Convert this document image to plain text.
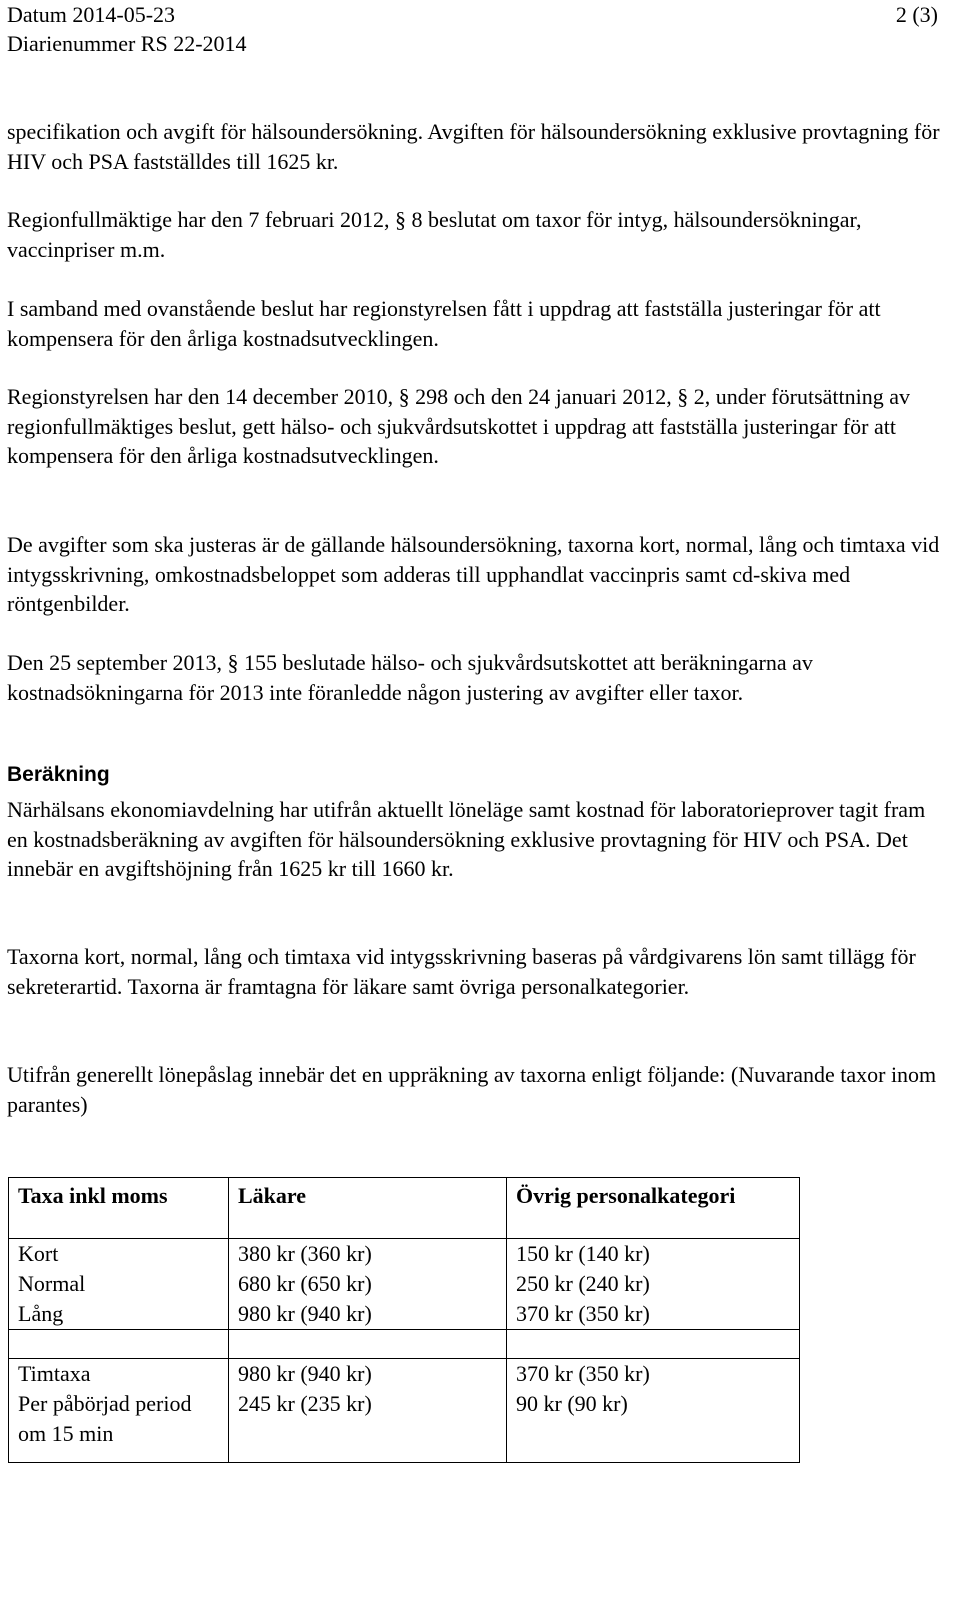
Datum 2014-05-23
Diarienummer RS 22-2014
2 (3)

specifikation och avgift för hälsoundersökning. Avgiften för hälsoundersökning exklusive provtagning för HIV och PSA fastställdes till 1625 kr.

Regionfullmäktige har den 7 februari 2012, § 8 beslutat om taxor för intyg, hälsoundersökningar, vaccinpriser m.m.

I samband med ovanstående beslut har regionstyrelsen fått i uppdrag att fastställa justeringar för att kompensera för den årliga kostnadsutvecklingen.

Regionstyrelsen har den 14 december 2010, § 298 och den 24 januari 2012, § 2, under förutsättning av regionfullmäktiges beslut, gett hälso- och sjukvårdsutskottet i uppdrag att fastställa justeringar för att kompensera för den årliga kostnadsutvecklingen.

De avgifter som ska justeras är de gällande hälsoundersökning, taxorna kort, normal, lång och timtaxa vid intygsskrivning, omkostnadsbeloppet som adderas till upphandlat vaccinpris samt cd-skiva med röntgenbilder.

Den 25 september 2013, § 155 beslutade hälso- och sjukvårdsutskottet att beräkningarna av kostnadsökningarna för 2013 inte föranledde någon justering av avgifter eller taxor.

Beräkning

Närhälsans ekonomiavdelning har utifrån aktuellt löneläge samt kostnad för laboratorieprover tagit fram en kostnadsberäkning av avgiften för hälsoundersökning exklusive provtagning för HIV och PSA. Det innebär en avgiftshöjning från 1625 kr till 1660 kr.

Taxorna kort, normal, lång och timtaxa vid intygsskrivning baseras på vårdgivarens lön samt tillägg för sekreterartid. Taxorna är framtagna för läkare samt övriga personalkategorier.

Utifrån generellt lönepåslag innebär det en uppräkning av taxorna enligt följande: (Nuvarande taxor inom parantes)

Taxa inkl moms	Läkare	Övrig personalkategori
Kort	380 kr (360 kr)	150 kr (140 kr)
Normal	680 kr (650 kr)	250 kr (240 kr)
Lång	980 kr (940 kr)	370 kr (350 kr)

Timtaxa	980 kr (940 kr)	370 kr (350 kr)
Per påbörjad period om 15 min	245 kr (235 kr)	90 kr (90 kr)
